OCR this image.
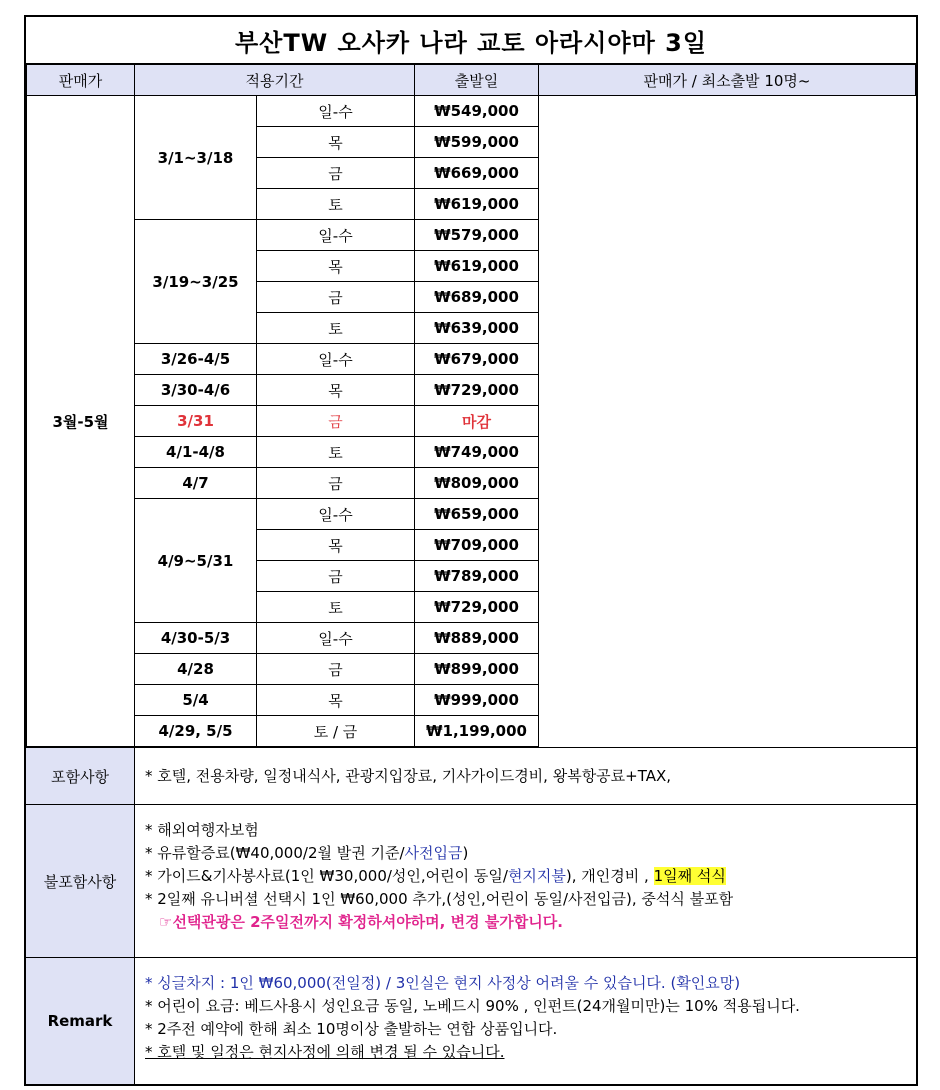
부산TW 오사카 나라 교토 아라시야마 3일
판매가	적용기간		출발일	판매가 / 최소출발 10명~
3월-5월	3/1~3/18	일-수	₩549,000	
		목	₩599,000	
		금	₩669,000	
		토	₩619,000	
	3/19~3/25	일-수	₩579,000	
		목	₩619,000	
		금	₩689,000	
		토	₩639,000	
	3/26-4/5	일-수	₩679,000	
	3/30-4/6	목	₩729,000	
	3/31	금	마감	
	4/1-4/8	토	₩749,000	
	4/7	금	₩809,000	
	4/9~5/31	일-수	₩659,000	
		목	₩709,000	
		금	₩789,000	
		토	₩729,000	
	4/30-5/3	일-수	₩889,000	
	4/28	금	₩899,000	
	5/4	목	₩999,000	
	4/29, 5/5	토 / 금	₩1,199,000	
포함사항	* 호텔, 전용차량, 일정내식사, 관광지입장료, 기사가이드경비, 왕복항공료+TAX,
불포함사항
* 해외여행자보험
* 유류할증료(₩40,000/2월 발권 기준/사전입금)
* 가이드&기사봉사료(1인 ₩30,000/성인,어린이 동일/현지지불), 개인경비 , 1일째 석식
* 2일째 유니버셜 선택시 1인 ₩60,000 추가,(성인,어린이 동일/사전입금), 중석식 불포함
☞선택관광은 2주일전까지 확정하셔야하며, 변경 불가합니다.
Remark
* 싱글차지 : 1인 ₩60,000(전일정) / 3인실은 현지 사정상 어려울 수 있습니다. (확인요망)
* 어린이 요금: 베드사용시 성인요금 동일, 노베드시 90% , 인펀트(24개월미만)는 10% 적용됩니다.
* 2주전 예약에 한해 최소 10명이상 출발하는 연합 상품입니다.
* 호텔 및 일정은 현지사정에 의해 변경 될 수 있습니다.
